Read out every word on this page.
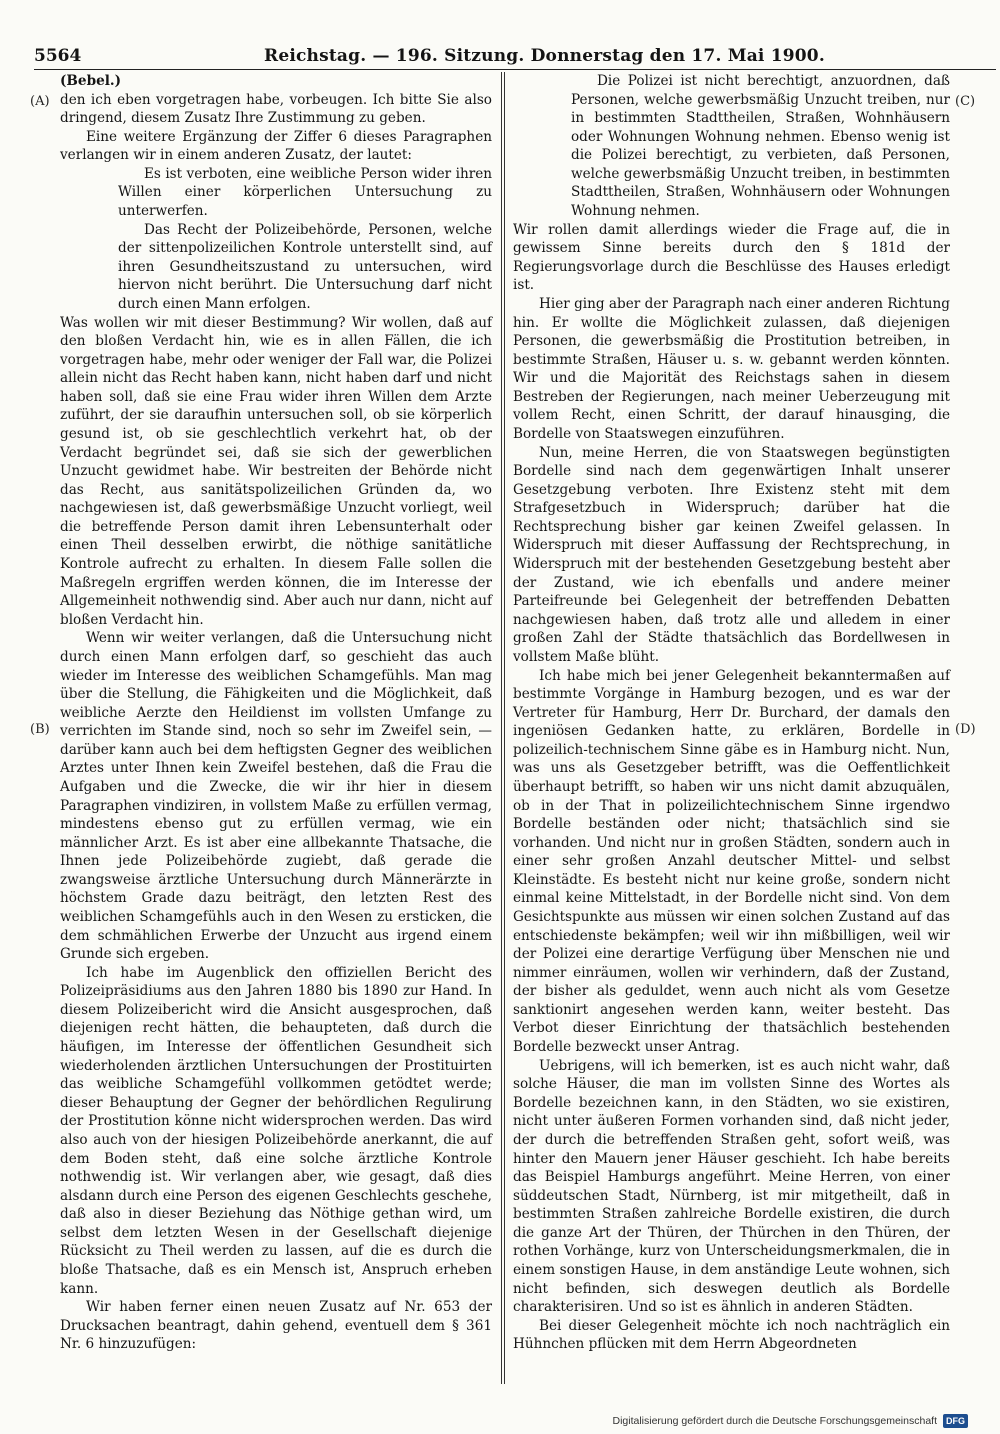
5564	Reichstag. — 196. Sitzung. Donnerstag den 17. Mai 1900.
(A)
(B)
(C)
(D)

(Bebel.)

den ich eben vorgetragen habe, vorbeugen. Ich bitte Sie also dringend, diesem Zusatz Ihre Zustimmung zu geben.

Eine weitere Ergänzung der Ziffer 6 dieses Paragraphen verlangen wir in einem anderen Zusatz, der lautet:

Es ist verboten, eine weibliche Person wider ihren Willen einer körperlichen Untersuchung zu unterwerfen.

Das Recht der Polizeibehörde, Personen, welche der sittenpolizeilichen Kontrole unterstellt sind, auf ihren Gesundheitszustand zu untersuchen, wird hiervon nicht berührt. Die Untersuchung darf nicht durch einen Mann erfolgen.

Was wollen wir mit dieser Bestimmung? Wir wollen, daß auf den bloßen Verdacht hin, wie es in allen Fällen, die ich vorgetragen habe, mehr oder weniger der Fall war, die Polizei allein nicht das Recht haben kann, nicht haben darf und nicht haben soll, daß sie eine Frau wider ihren Willen dem Arzte zuführt, der sie daraufhin untersuchen soll, ob sie körperlich gesund ist, ob sie geschlechtlich verkehrt hat, ob der Verdacht begründet sei, daß sie sich der gewerblichen Unzucht gewidmet habe. Wir bestreiten der Behörde nicht das Recht, aus sanitätspolizeilichen Gründen da, wo nachgewiesen ist, daß gewerbsmäßige Unzucht vorliegt, weil die betreffende Person damit ihren Lebensunterhalt oder einen Theil desselben erwirbt, die nöthige sanitätliche Kontrole aufrecht zu erhalten. In diesem Falle sollen die Maßregeln ergriffen werden können, die im Interesse der Allgemeinheit nothwendig sind. Aber auch nur dann, nicht auf bloßen Verdacht hin.

Wenn wir weiter verlangen, daß die Untersuchung nicht durch einen Mann erfolgen darf, so geschieht das auch wieder im Interesse des weiblichen Schamgefühls. Man mag über die Stellung, die Fähigkeiten und die Möglichkeit, daß weibliche Aerzte den Heildienst im vollsten Umfange zu verrichten im Stande sind, noch so sehr im Zweifel sein, — darüber kann auch bei dem heftigsten Gegner des weiblichen Arztes unter Ihnen kein Zweifel bestehen, daß die Frau die Aufgaben und die Zwecke, die wir ihr hier in diesem Paragraphen vindiziren, in vollstem Maße zu erfüllen vermag, mindestens ebenso gut zu erfüllen vermag, wie ein männlicher Arzt. Es ist aber eine allbekannte Thatsache, die Ihnen jede Polizeibehörde zugiebt, daß gerade die zwangsweise ärztliche Untersuchung durch Männerärzte in höchstem Grade dazu beiträgt, den letzten Rest des weiblichen Schamgefühls auch in den Wesen zu ersticken, die dem schmählichen Erwerbe der Unzucht aus irgend einem Grunde sich ergeben.

Ich habe im Augenblick den offiziellen Bericht des Polizeipräsidiums aus den Jahren 1880 bis 1890 zur Hand. In diesem Polizeibericht wird die Ansicht ausgesprochen, daß diejenigen recht hätten, die behaupteten, daß durch die häufigen, im Interesse der öffentlichen Gesundheit sich wiederholenden ärztlichen Untersuchungen der Prostituirten das weibliche Schamgefühl vollkommen getödtet werde; dieser Behauptung der Gegner der behördlichen Regulirung der Prostitution könne nicht widersprochen werden. Das wird also auch von der hiesigen Polizeibehörde anerkannt, die auf dem Boden steht, daß eine solche ärztliche Kontrole nothwendig ist. Wir verlangen aber, wie gesagt, daß dies alsdann durch eine Person des eigenen Geschlechts geschehe, daß also in dieser Beziehung das Nöthige gethan wird, um selbst dem letzten Wesen in der Gesellschaft diejenige Rücksicht zu Theil werden zu lassen, auf die es durch die bloße Thatsache, daß es ein Mensch ist, Anspruch erheben kann.

Wir haben ferner einen neuen Zusatz auf Nr. 653 der Drucksachen beantragt, dahin gehend, eventuell dem § 361 Nr. 6 hinzuzufügen:

Die Polizei ist nicht berechtigt, anzuordnen, daß Personen, welche gewerbsmäßig Unzucht treiben, nur in bestimmten Stadttheilen, Straßen, Wohnhäusern oder Wohnungen Wohnung nehmen. Ebenso wenig ist die Polizei berechtigt, zu verbieten, daß Personen, welche gewerbsmäßig Unzucht treiben, in bestimmten Stadttheilen, Straßen, Wohnhäusern oder Wohnungen Wohnung nehmen.

Wir rollen damit allerdings wieder die Frage auf, die in gewissem Sinne bereits durch den § 181d der Regierungsvorlage durch die Beschlüsse des Hauses erledigt ist.

Hier ging aber der Paragraph nach einer anderen Richtung hin. Er wollte die Möglichkeit zulassen, daß diejenigen Personen, die gewerbsmäßig die Prostitution betreiben, in bestimmte Straßen, Häuser u. s. w. gebannt werden könnten. Wir und die Majorität des Reichstags sahen in diesem Bestreben der Regierungen, nach meiner Ueberzeugung mit vollem Recht, einen Schritt, der darauf hinausging, die Bordelle von Staatswegen einzuführen.

Nun, meine Herren, die von Staatswegen begünstigten Bordelle sind nach dem gegenwärtigen Inhalt unserer Gesetzgebung verboten. Ihre Existenz steht mit dem Strafgesetzbuch in Widerspruch; darüber hat die Rechtsprechung bisher gar keinen Zweifel gelassen. In Widerspruch mit dieser Auffassung der Rechtsprechung, in Widerspruch mit der bestehenden Gesetzgebung besteht aber der Zustand, wie ich ebenfalls und andere meiner Parteifreunde bei Gelegenheit der betreffenden Debatten nachgewiesen haben, daß trotz alle und alledem in einer großen Zahl der Städte thatsächlich das Bordellwesen in vollstem Maße blüht.

Ich habe mich bei jener Gelegenheit bekanntermaßen auf bestimmte Vorgänge in Hamburg bezogen, und es war der Vertreter für Hamburg, Herr Dr. Burchard, der damals den ingeniösen Gedanken hatte, zu erklären, Bordelle in polizeilich-technischem Sinne gäbe es in Hamburg nicht. Nun, was uns als Gesetzgeber betrifft, was die Oeffentlichkeit überhaupt betrifft, so haben wir uns nicht damit abzuquälen, ob in der That in polizeilichtechnischem Sinne irgendwo Bordelle beständen oder nicht; thatsächlich sind sie vorhanden. Und nicht nur in großen Städten, sondern auch in einer sehr großen Anzahl deutscher Mittel- und selbst Kleinstädte. Es besteht nicht nur keine große, sondern nicht einmal keine Mittelstadt, in der Bordelle nicht sind. Von dem Gesichtspunkte aus müssen wir einen solchen Zustand auf das entschiedenste bekämpfen; weil wir ihn mißbilligen, weil wir der Polizei eine derartige Verfügung über Menschen nie und nimmer einräumen, wollen wir verhindern, daß der Zustand, der bisher als geduldet, wenn auch nicht als vom Gesetze sanktionirt angesehen werden kann, weiter besteht. Das Verbot dieser Einrichtung der thatsächlich bestehenden Bordelle bezweckt unser Antrag.

Uebrigens, will ich bemerken, ist es auch nicht wahr, daß solche Häuser, die man im vollsten Sinne des Wortes als Bordelle bezeichnen kann, in den Städten, wo sie existiren, nicht unter äußeren Formen vorhanden sind, daß nicht jeder, der durch die betreffenden Straßen geht, sofort weiß, was hinter den Mauern jener Häuser geschieht. Ich habe bereits das Beispiel Hamburgs angeführt. Meine Herren, von einer süddeutschen Stadt, Nürnberg, ist mir mitgetheilt, daß in bestimmten Straßen zahlreiche Bordelle existiren, die durch die ganze Art der Thüren, der Thürchen in den Thüren, der rothen Vorhänge, kurz von Unterscheidungsmerkmalen, die in einem sonstigen Hause, in dem anständige Leute wohnen, sich nicht befinden, sich deswegen deutlich als Bordelle charakterisiren. Und so ist es ähnlich in anderen Städten.

Bei dieser Gelegenheit möchte ich noch nachträglich ein Hühnchen pflücken mit dem Herrn Abgeordneten

Digitalisierung gefördert durch die Deutsche Forschungsgemeinschaft	DFG
